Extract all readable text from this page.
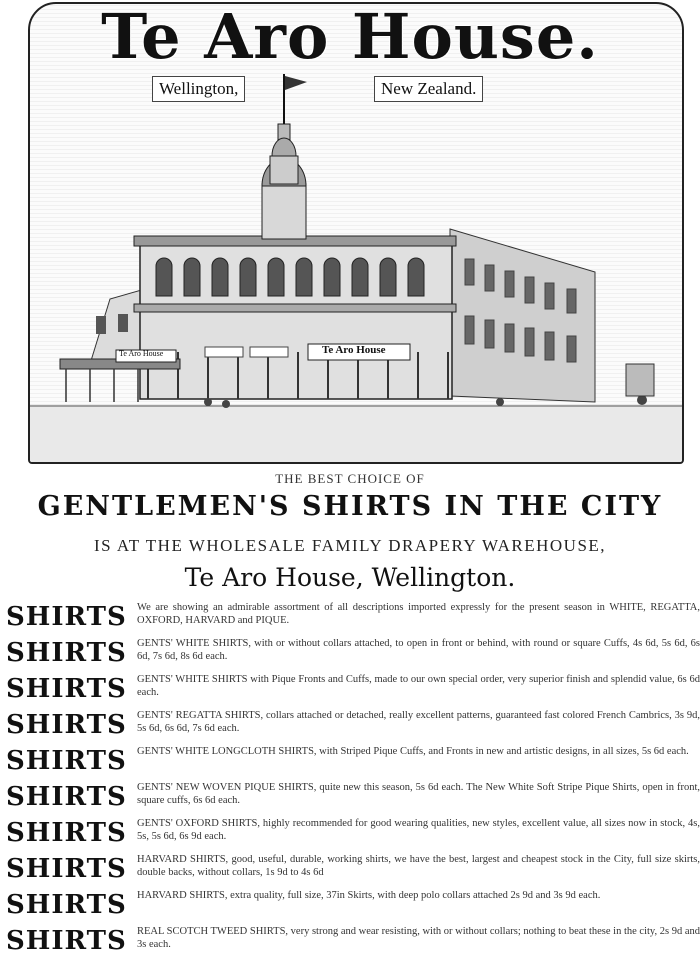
Te Aro House	Te Aro House
Te Aro House.
Wellington,	New Zealand.
THE BEST CHOICE OF
GENTLEMEN'S SHIRTS IN THE CITY
IS AT THE WHOLESALE FAMILY DRAPERY WAREHOUSE,
Te Aro House, Wellington.
SHIRTS We are showing an admirable assortment of all descriptions imported expressly for the present season in WHITE, REGATTA, OXFORD, HARVARD and PIQUE.
SHIRTS GENTS' WHITE SHIRTS, with or without collars attached, to open in front or behind, with round or square Cuffs, 4s 6d, 5s 6d, 6s 6d, 7s 6d, 8s 6d each.
SHIRTS GENTS' WHITE SHIRTS with Pique Fronts and Cuffs, made to our own special order, very superior finish and splendid value, 6s 6d each.
SHIRTS GENTS' REGATTA SHIRTS, collars attached or detached, really excellent patterns, guaranteed fast colored French Cambrics, 3s 9d, 5s 6d, 6s 6d, 7s 6d each.
SHIRTS GENTS' WHITE LONGCLOTH SHIRTS, with Striped Pique Cuffs, and Fronts in new and artistic designs, in all sizes, 5s 6d each.
SHIRTS GENTS' NEW WOVEN PIQUE SHIRTS, quite new this season, 5s 6d each. The New White Soft Stripe Pique Shirts, open in front, square cuffs, 6s 6d each.
SHIRTS GENTS' OXFORD SHIRTS, highly recommended for good wearing qualities, new styles, excellent value, all sizes now in stock, 4s, 5s, 5s 6d, 6s 9d each.
SHIRTS HARVARD SHIRTS, good, useful, durable, working shirts, we have the best, largest and cheapest stock in the City, full size skirts, double backs, without collars, 1s 9d to 4s 6d
SHIRTS HARVARD SHIRTS, extra quality, full size, 37in Skirts, with deep polo collars attached 2s 9d and 3s 9d each.
SHIRTS REAL SCOTCH TWEED SHIRTS, very strong and wear resisting, with or without collars; nothing to beat these in the city, 2s 9d and 3s each.
